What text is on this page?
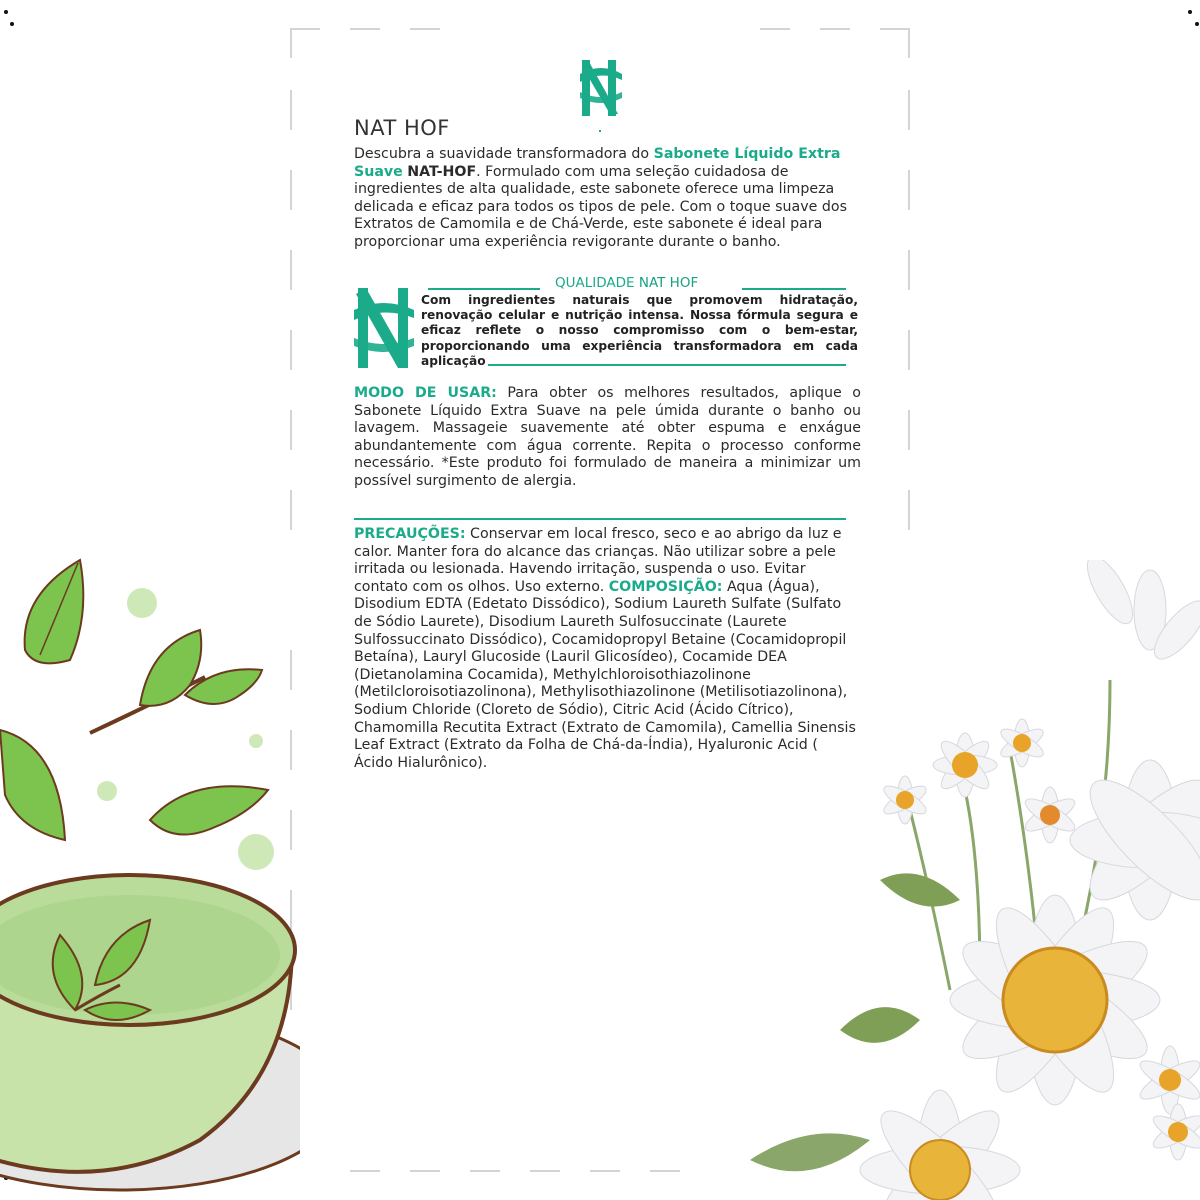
NAT HOF
Descubra a suavidade transformadora do Sabonete Líquido Extra Suave NAT-HOF. Formulado com uma seleção cuidadosa de ingredientes de alta qualidade, este sabonete oferece uma limpeza delicada e eficaz para todos os tipos de pele. Com o toque suave dos Extratos de Camomila e de Chá-Verde, este sabonete é ideal para proporcionar uma experiência revigorante durante o banho.
QUALIDADE NAT HOF
Com ingredientes naturais que promovem hidratação, renovação celular e nutrição intensa. Nossa fórmula segura e eficaz reflete o nosso compromisso com o bem-estar, proporcionando uma experiência transformadora em cada aplicação
MODO DE USAR: Para obter os melhores resultados, aplique o Sabonete Líquido Extra Suave na pele úmida durante o banho ou lavagem. Massageie suavemente até obter espuma e enxágue abundantemente com água corrente. Repita o processo conforme necessário. *Este produto foi formulado de maneira a minimizar um possível surgimento de alergia.
PRECAUÇÕES: Conservar em local fresco, seco e ao abrigo da luz e calor. Manter fora do alcance das crianças. Não utilizar sobre a pele irritada ou lesionada. Havendo irritação, suspenda o uso. Evitar contato com os olhos. Uso externo. COMPOSIÇÃO: Aqua (Água), Disodium EDTA (Edetato Dissódico), Sodium Laureth Sulfate (Sulfato de Sódio Laurete), Disodium Laureth Sulfosuccinate (Laurete Sulfossuccinato Dissódico), Cocamidopropyl Betaine (Cocamidopropil Betaína), Lauryl Glucoside (Lauril Glicosídeo), Cocamide DEA (Dietanolamina Cocamida), Methylchloroisothiazolinone (Metilcloroisotiazolinona), Methylisothiazolinone (Metilisotiazolinona), Sodium Chloride (Cloreto de Sódio), Citric Acid (Ácido Cítrico), Chamomilla Recutita Extract (Extrato de Camomila), Camellia Sinensis Leaf Extract (Extrato da Folha de Chá-da-Índia), Hyaluronic Acid ( Ácido Hialurônico).
